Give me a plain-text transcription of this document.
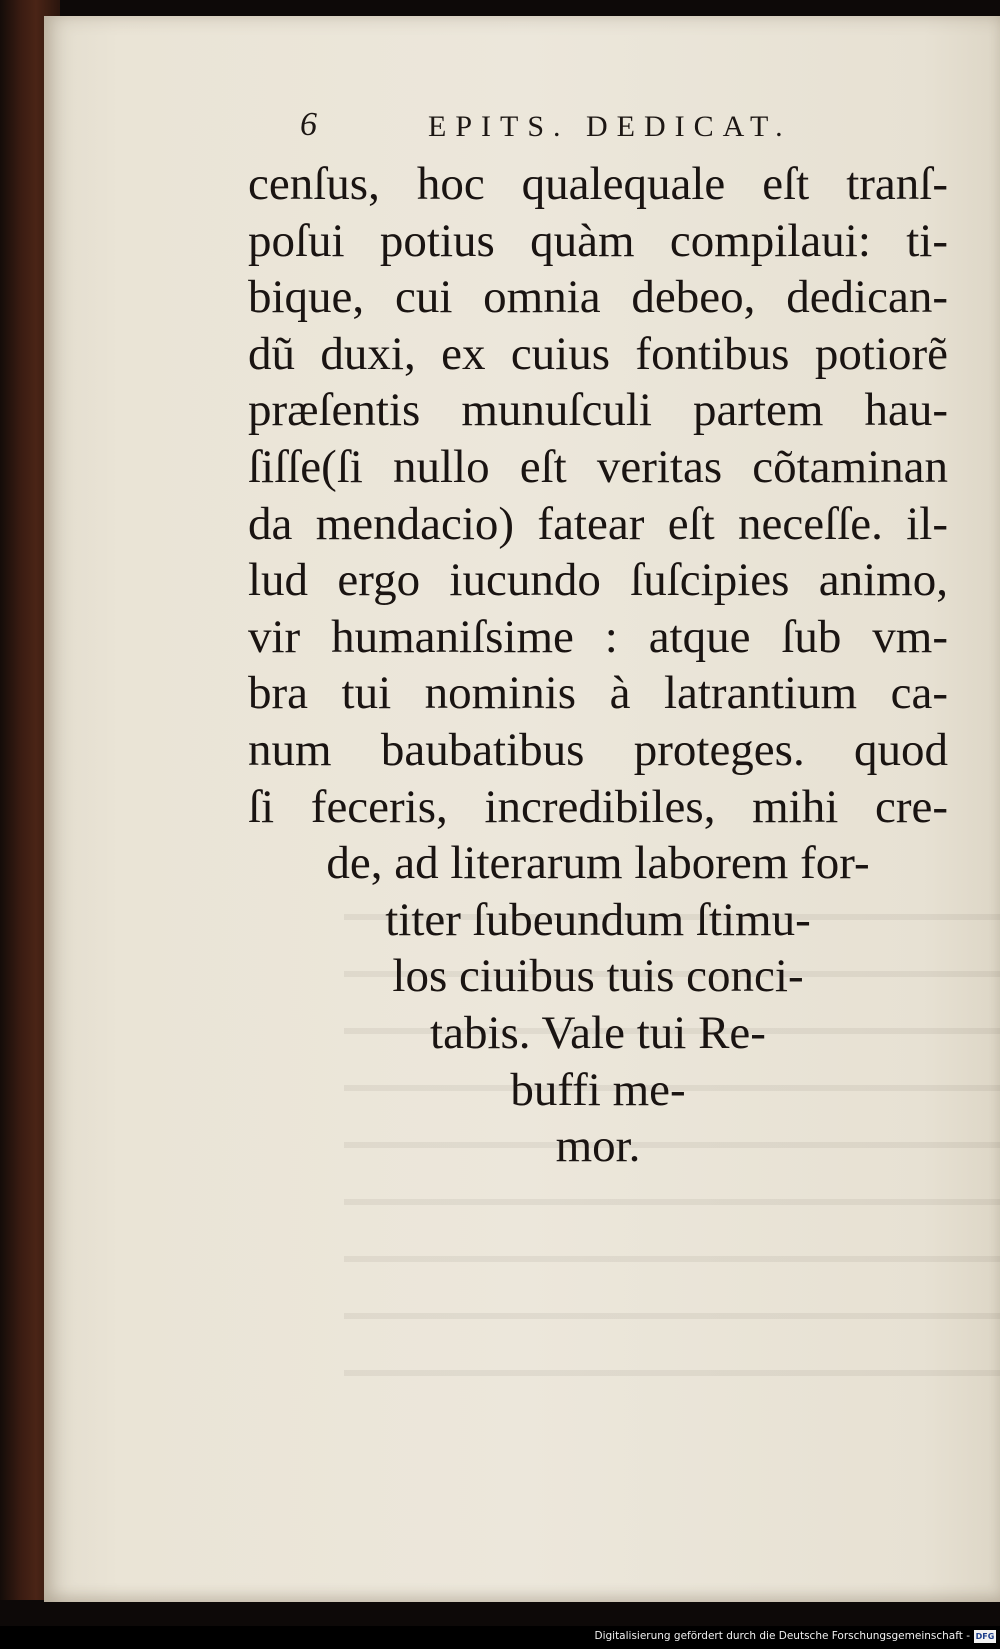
6	EPITS. DEDICAT.
cenſus, hoc qualequale eſt tranſ-
poſui potius quàm compilaui: ti-
bique, cui omnia debeo, dedican-
dũ duxi, ex cuius fontibus potiorẽ
præſentis munuſculi partem hau-
ſiſſe(ſi nullo eſt veritas cõtaminan
da mendacio) fatear eſt neceſſe. il-
lud ergo iucundo ſuſcipies animo,
vir humaniſsime : atque ſub vm-
bra tui nominis à latrantium ca-
num baubatibus proteges. quod
ſi feceris, incredibiles, mihi cre-
de, ad literarum laborem for-
titer ſubeundum ſtimu-
los ciuibus tuis conci-
tabis. Vale tui Re-
buffi me-
mor.
Digitalisierung gefördert durch die Deutsche Forschungsgemeinschaft - DFG
